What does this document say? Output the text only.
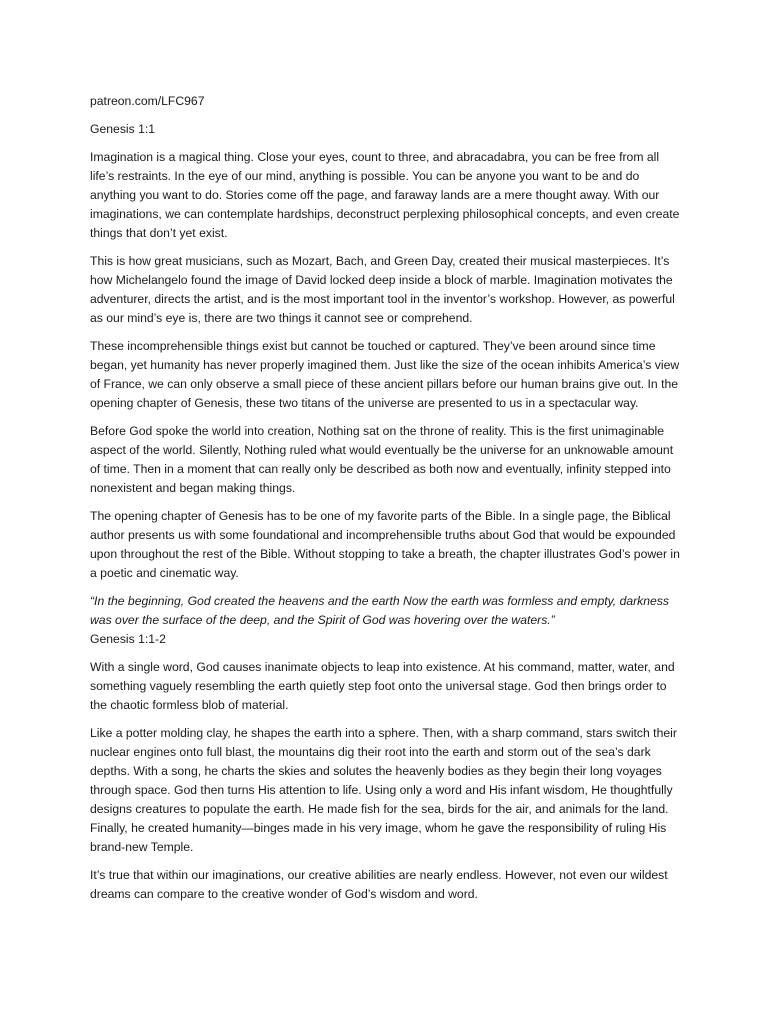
patreon.com/LFC967

Genesis 1:1

Imagination is a magical thing. Close your eyes, count to three, and abracadabra, you can be free from all life’s restraints. In the eye of our mind, anything is possible. You can be anyone you want to be and do anything you want to do. Stories come off the page, and faraway lands are a mere thought away. With our imaginations, we can contemplate hardships, deconstruct perplexing philosophical concepts, and even create things that don’t yet exist.

This is how great musicians, such as Mozart, Bach, and Green Day, created their musical masterpieces. It’s how Michelangelo found the image of David locked deep inside a block of marble. Imagination motivates the adventurer, directs the artist, and is the most important tool in the inventor’s workshop. However, as powerful as our mind’s eye is, there are two things it cannot see or comprehend.

These incomprehensible things exist but cannot be touched or captured. They’ve been around since time began, yet humanity has never properly imagined them. Just like the size of the ocean inhibits America’s view of France, we can only observe a small piece of these ancient pillars before our human brains give out. In the opening chapter of Genesis, these two titans of the universe are presented to us in a spectacular way.

Before God spoke the world into creation, Nothing sat on the throne of reality. This is the first unimaginable aspect of the world. Silently, Nothing ruled what would eventually be the universe for an unknowable amount of time. Then in a moment that can really only be described as both now and eventually, infinity stepped into nonexistent and began making things.

The opening chapter of Genesis has to be one of my favorite parts of the Bible. In a single page, the Biblical author presents us with some foundational and incomprehensible truths about God that would be expounded upon throughout the rest of the Bible. Without stopping to take a breath, the chapter illustrates God’s power in a poetic and cinematic way.

“In the beginning, God created the heavens and the earth Now the earth was formless and empty, darkness was over the surface of the deep, and the Spirit of God was hovering over the waters.”
Genesis 1:1-2

With a single word, God causes inanimate objects to leap into existence. At his command, matter, water, and something vaguely resembling the earth quietly step foot onto the universal stage. God then brings order to the chaotic formless blob of material.

Like a potter molding clay, he shapes the earth into a sphere. Then, with a sharp command, stars switch their nuclear engines onto full blast, the mountains dig their root into the earth and storm out of the sea’s dark depths. With a song, he charts the skies and solutes the heavenly bodies as they begin their long voyages through space. God then turns His attention to life. Using only a word and His infant wisdom, He thoughtfully designs creatures to populate the earth. He made fish for the sea, birds for the air, and animals for the land. Finally, he created humanity—binges made in his very image, whom he gave the responsibility of ruling His brand-new Temple.

It’s true that within our imaginations, our creative abilities are nearly endless. However, not even our wildest dreams can compare to the creative wonder of God’s wisdom and word.
